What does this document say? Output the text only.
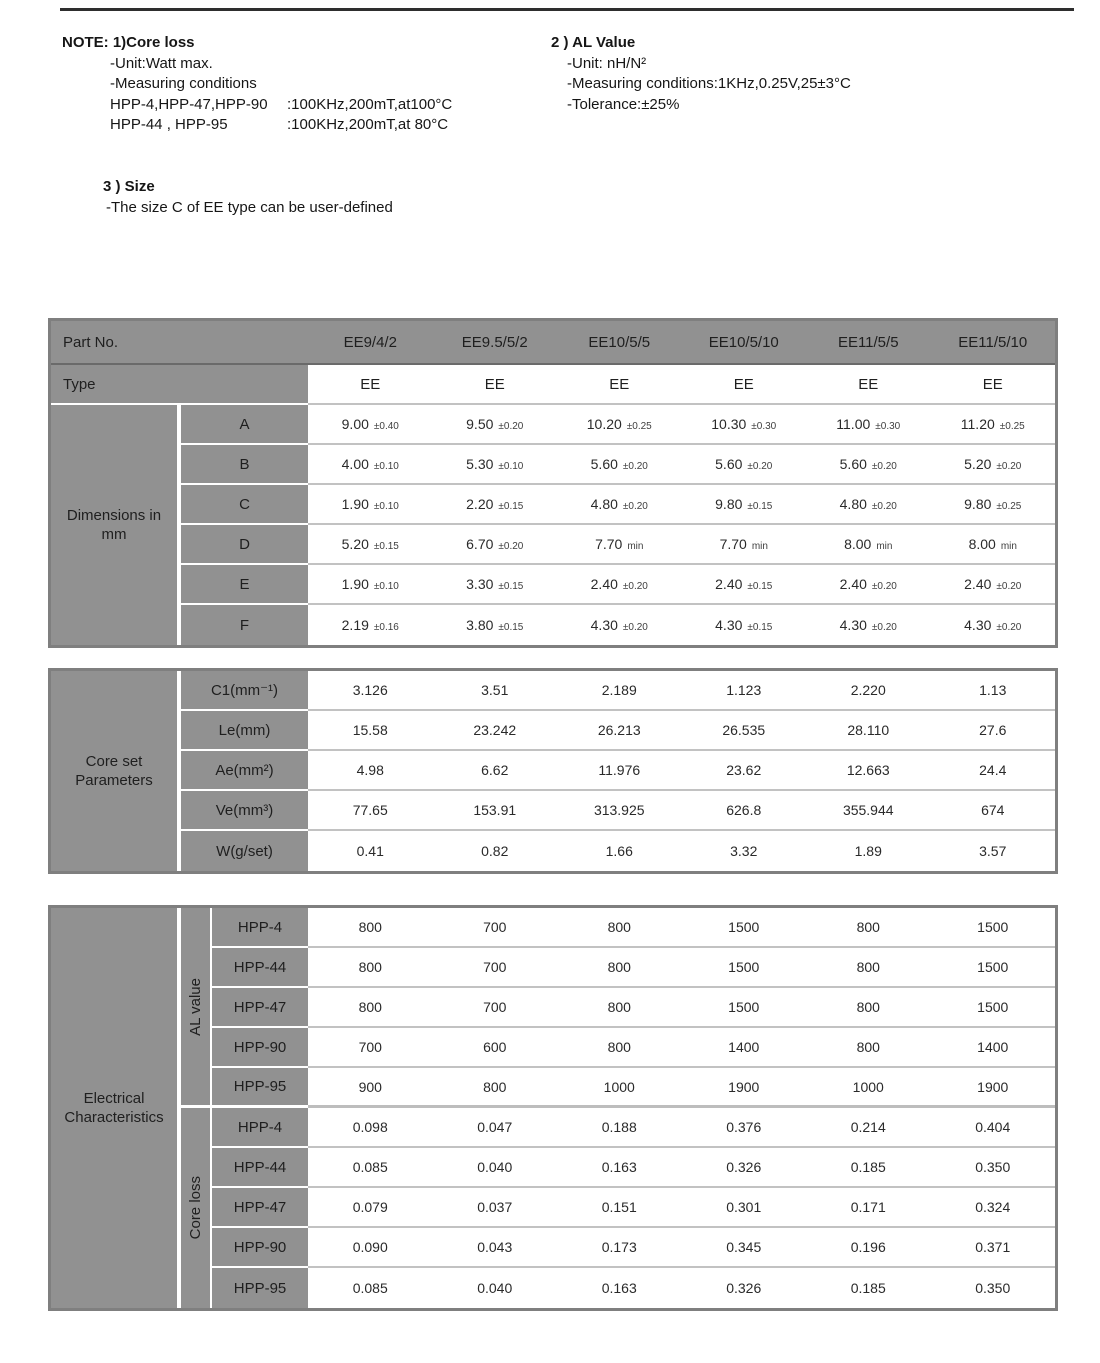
NOTE: 1)Core loss
-Unit:Watt max.
-Measuring conditions
HPP-4,HPP-47,HPP-90	:100KHz,200mT,at100°C
HPP-44 , HPP-95	:100KHz,200mT,at 80°C
2 ) AL Value
-Unit: nH/N²
-Measuring conditions:1KHz,0.25V,25±3°C
-Tolerance:±25%
3 ) Size
-The size C of EE type can be user-defined
Part No.	EE9/4/2	EE9.5/5/2	EE10/5/5	EE10/5/10	EE11/5/5	EE11/5/10
Type	EE	EE	EE	EE	EE	EE
Dimensions in mm
A	9.00 ±0.40	9.50 ±0.20	10.20 ±0.25	10.30 ±0.30	11.00 ±0.30	11.20 ±0.25
B	4.00 ±0.10	5.30 ±0.10	5.60 ±0.20	5.60 ±0.20	5.60 ±0.20	5.20 ±0.20
C	1.90 ±0.10	2.20 ±0.15	4.80 ±0.20	9.80 ±0.15	4.80 ±0.20	9.80 ±0.25
D	5.20 ±0.15	6.70 ±0.20	7.70 min	7.70 min	8.00 min	8.00 min
E	1.90 ±0.10	3.30 ±0.15	2.40 ±0.20	2.40 ±0.15	2.40 ±0.20	2.40 ±0.20
F	2.19 ±0.16	3.80 ±0.15	4.30 ±0.20	4.30 ±0.15	4.30 ±0.20	4.30 ±0.20
Core set Parameters
C1(mm⁻¹)	3.126	3.51	2.189	1.123	2.220	1.13
Le(mm)	15.58	23.242	26.213	26.535	28.110	27.6
Ae(mm²)	4.98	6.62	11.976	23.62	12.663	24.4
Ve(mm³)	77.65	153.91	313.925	626.8	355.944	674
W(g/set)	0.41	0.82	1.66	3.32	1.89	3.57
Electrical Characteristics
AL value
HPP-4	800	700	800	1500	800	1500
HPP-44	800	700	800	1500	800	1500
HPP-47	800	700	800	1500	800	1500
HPP-90	700	600	800	1400	800	1400
HPP-95	900	800	1000	1900	1000	1900
Core loss
HPP-4	0.098	0.047	0.188	0.376	0.214	0.404
HPP-44	0.085	0.040	0.163	0.326	0.185	0.350
HPP-47	0.079	0.037	0.151	0.301	0.171	0.324
HPP-90	0.090	0.043	0.173	0.345	0.196	0.371
HPP-95	0.085	0.040	0.163	0.326	0.185	0.350
